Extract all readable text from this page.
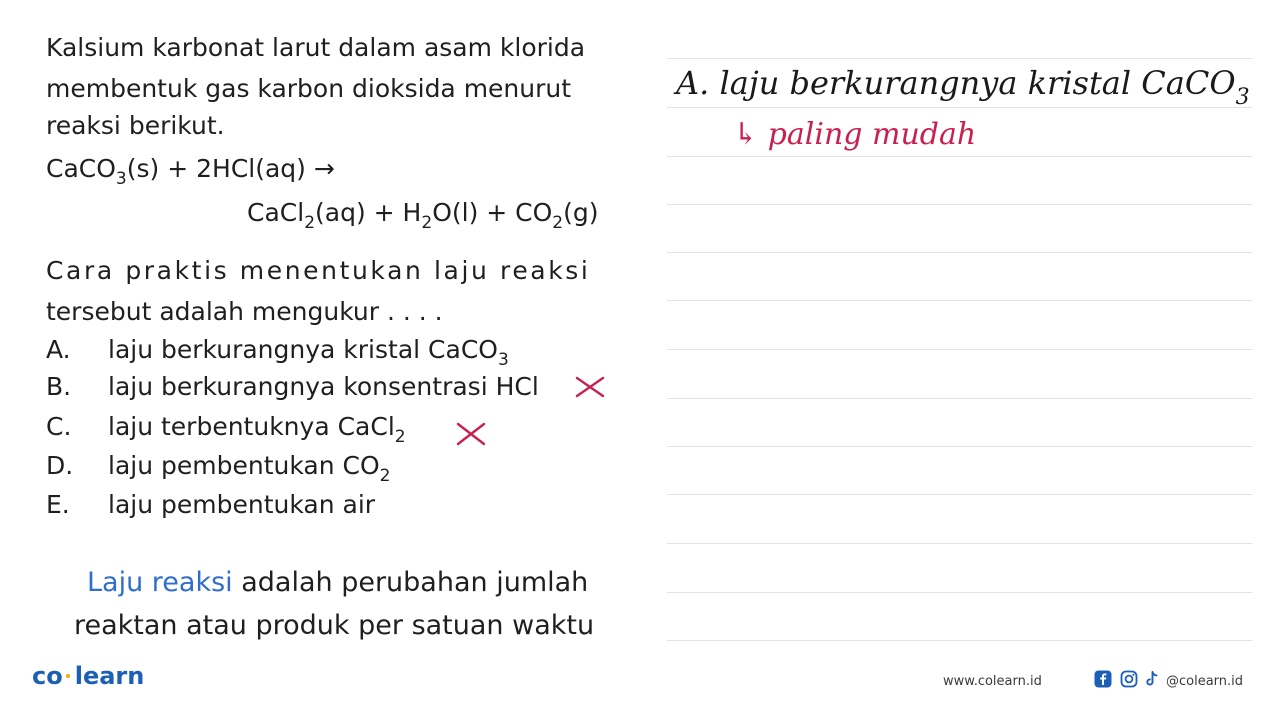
Kalsium karbonat larut dalam asam klorida
membentuk gas karbon dioksida menurut
reaksi berikut.
CaCO$_3$(s) + 2HCl(aq) →
CaCl$_2$(aq) + $H_2O(l) + CO_2(g)$
Cara praktis menentukan laju reaksi
tersebut adalah mengukur . . . .
A. laju berkurangnya kristal CaCO$_3$
B. laju berkurangnya konsentrasi HCl
C. laju terbentuknya CaCl$_2$
D. laju pembentukan $CO_2$
E. laju pembentukan air
Laju reaksi adalah perubahan jumlah
reaktan atau produk per satuan waktu
A. laju berkurangnya kristal CaCO$_3$
↳ paling mudah
co learn	www.colearn.id	@colearn.id
